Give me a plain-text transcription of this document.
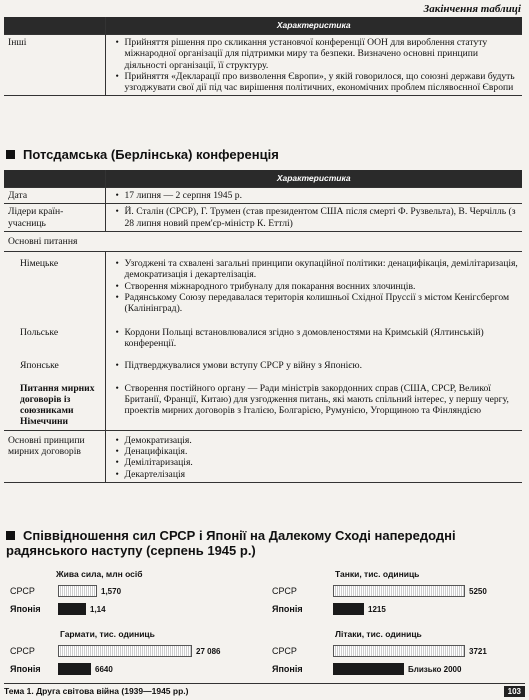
Закінчення таблиці
	Характеристика
Інші	• Прийняття рішення про скликання установчої конференції ООН для вироблення статуту міжнародної організації для підтримки миру та безпеки. Визначено основні принципи діяльності організації, її структуру.
• Прийняття «Декларації про визволення Європи», у якій говорилося, що союзні держави будуть узгоджувати свої дії під час вирішення політичних, економічних проблем післявоєнної Європи
Потсдамська (Берлінська) конференція
	Характеристика
Дата	• 17 липня — 2 серпня 1945 р.

Лідери країн-учасниць	• Й. Сталін (СРСР), Г. Трумен (став президентом США після смерті Ф. Рузвельта), В. Черчілль (з 28 липня новий прем'єр-міністр К. Еттлі)

Основні питання	
Німецьке	• Узгоджені та схвалені загальні принципи окупаційної політики: денацифікація, демілітаризація, демократизація і декартелізація.
• Створення міжнародного трибуналу для покарання воєнних злочинців.
• Радянському Союзу передавалася територія колишньої Східної Пруссії з містом Кенігсбергом (Калінінград).

Польське	• Кордони Польщі встановлювалися згідно з домовленостями на Кримській (Ялтинській) конференції.

Японське	• Підтверджувалися умови вступу СРСР у війну з Японією.

Питання мирних договорів із союзниками Німеччини	• Створення постійного органу — Ради міністрів закордонних справ (США, СРСР, Великої Британії, Франції, Китаю) для узгодження питань, які мають спільний інтерес, у першу чергу, проектів мирних договорів з Італією, Болгарією, Румунією, Угорщиною та Фінляндією

Основні принципи мирних договорів	• Демократизація.
• Денацифікація.
• Демілітаризація.
• Декартелізація
Співвідношення сил СРСР і Японії на Далекому Сході напередодні радянського наступу (серпень 1945 р.)
Жива сила, млн осіб
СРСР	1,570
Японія	1,14
Танки, тис. одиниць
СРСР	5250
Японія	1215
Гармати, тис. одиниць
СРСР	27 086
Японія	6640
Літаки, тис. одиниць
СРСР	3721
Японія	Близько 2000
Тема 1. Друга світова війна (1939—1945 рр.)	103
